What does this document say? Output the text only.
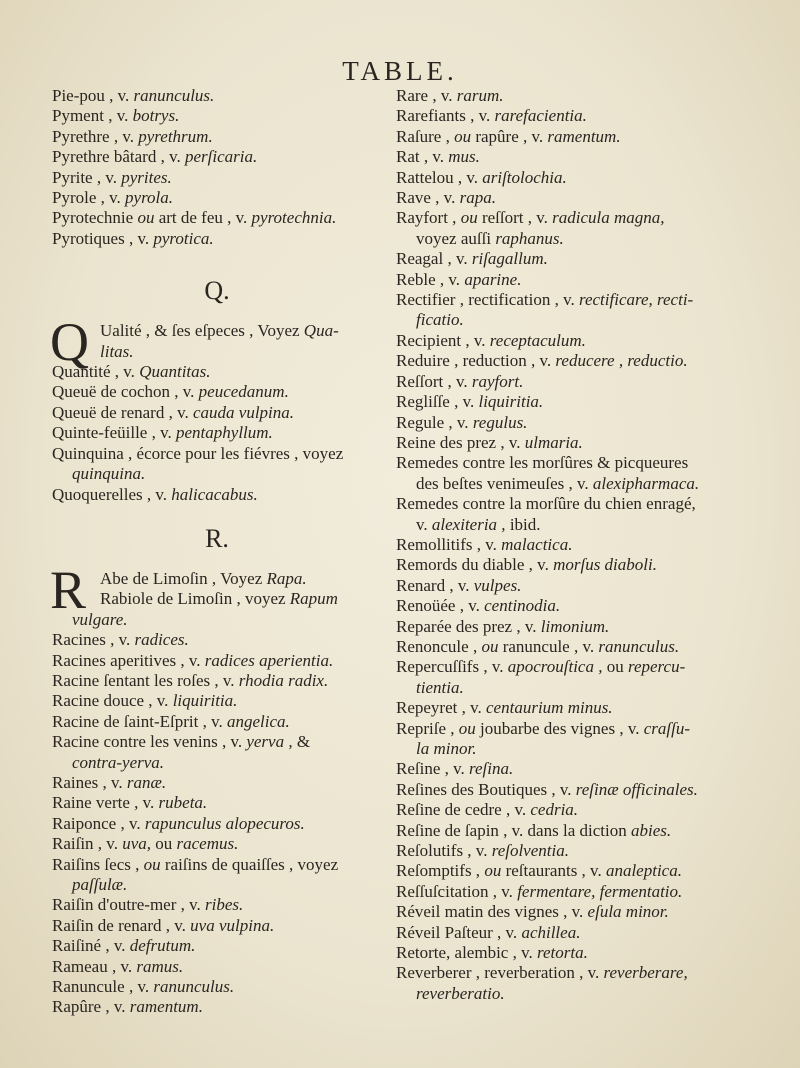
TABLE.

Pie-pou , v. ranunculus.

Pyment , v. botrys.

Pyrethre , v. pyrethrum.

Pyrethre bâtard , v. perſicaria.

Pyrite , v. pyrites.

Pyrole , v. pyrola.

Pyrotechnie ou art de feu , v. pyrotechnia.

Pyrotiques , v. pyrotica.

Q.
Q Ualité , & ſes eſpeces , Voyez Qua-

litas.

Quantité , v. Quantitas.

Queuë de cochon , v. peucedanum.

Queuë de renard , v. cauda vulpina.

Quinte-feüille , v. pentaphyllum.

Quinquina , écorce pour les fiévres , voyez

quinquina.

Quoquerelles , v. halicacabus.

R.
R Abe de Limoſin , Voyez Rapa.

Rabiole de Limoſin , voyez Rapum

vulgare.

Racines , v. radices.

Racines aperitives , v. radices aperientia.

Racine ſentant les roſes , v. rhodia radix.

Racine douce , v. liquiritia.

Racine de ſaint-Eſprit , v. angelica.

Racine contre les venins , v. yerva , &

contra-yerva.

Raines , v. ranæ.

Raine verte , v. rubeta.

Raiponce , v. rapunculus alopecuros.

Raiſin , v. uva, ou racemus.

Raiſins ſecs , ou raiſins de quaiſſes , voyez

paſſulæ.

Raiſin d'outre-mer , v. ribes.

Raiſin de renard , v. uva vulpina.

Raiſiné , v. defrutum.

Rameau , v. ramus.

Ranuncule , v. ranunculus.

Rapûre , v. ramentum.

Rare , v. rarum.

Rarefiants , v. rarefacientia.

Raſure , ou rapûre , v. ramentum.

Rat , v. mus.

Rattelou , v. ariſtolochia.

Rave , v. rapa.

Rayfort , ou reſſort , v. radicula magna,

voyez auſſi raphanus.

Reagal , v. riſagallum.

Reble , v. aparine.

Rectifier , rectification , v. rectificare, recti-

ficatio.

Recipient , v. receptaculum.

Reduire , reduction , v. reducere , reductio.

Reſſort , v. rayfort.

Regliſſe , v. liquiritia.

Regule , v. regulus.

Reine des prez , v. ulmaria.

Remedes contre les morſûres & picqueures

des beſtes venimeuſes , v. alexipharmaca.

Remedes contre la morſûre du chien enragé,

v. alexiteria , ibid.

Remollitifs , v. malactica.

Remords du diable , v. morſus diaboli.

Renard , v. vulpes.

Renoüée , v. centinodia.

Reparée des prez , v. limonium.

Renoncule , ou ranuncule , v. ranunculus.

Repercuſſifs , v. apocrouſtica , ou repercu-

tientia.

Repeyret , v. centaurium minus.

Repriſe , ou joubarbe des vignes , v. craſſu-

la minor.

Reſine , v. reſina.

Reſines des Boutiques , v. reſinæ officinales.

Reſine de cedre , v. cedria.

Reſine de ſapin , v. dans la diction abies.

Reſolutifs , v. reſolventia.

Reſomptifs , ou reſtaurants , v. analeptica.

Reſſuſcitation , v. fermentare, fermentatio.

Réveil matin des vignes , v. eſula minor.

Réveil Paſteur , v. achillea.

Retorte, alembic , v. retorta.

Reverberer , reverberation , v. reverberare,

reverberatio.
